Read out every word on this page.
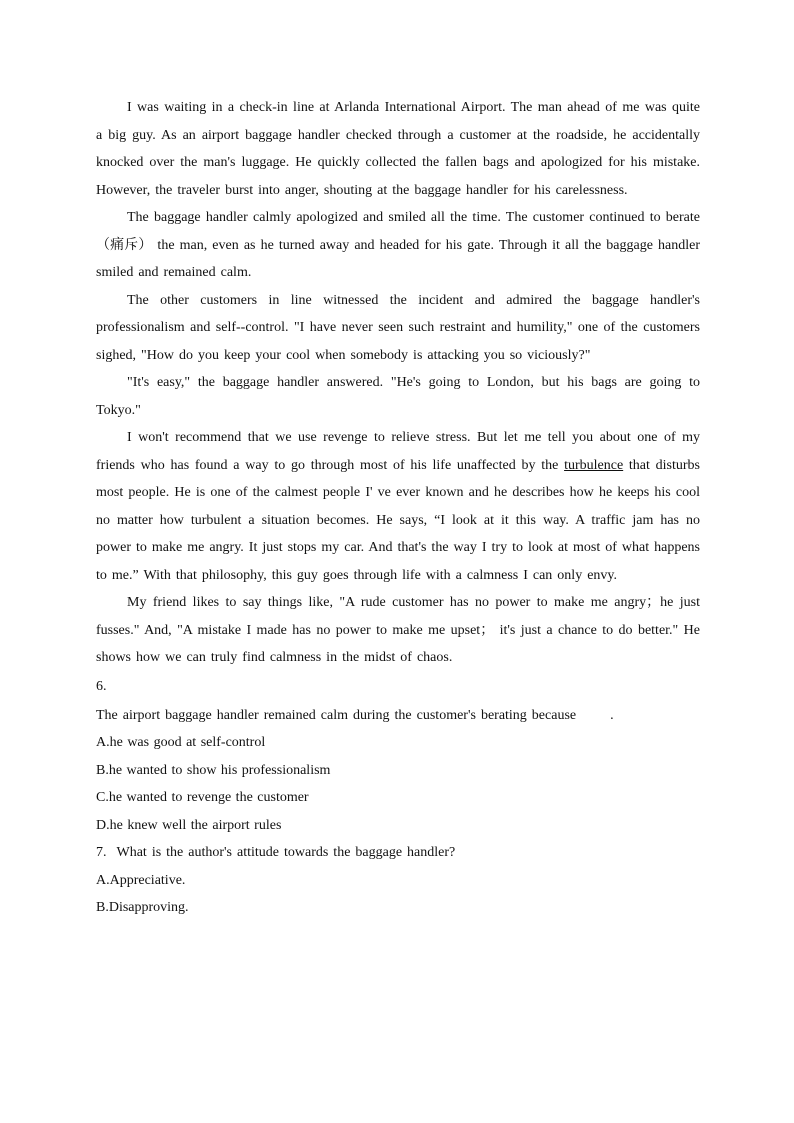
I was waiting in a check-in line at Arlanda International Airport. The man ahead of me was quite a big guy. As an airport baggage handler checked through a customer at the roadside, he accidentally knocked over the man's luggage. He quickly collected the fallen bags and apologized for his mistake. However, the traveler burst into anger, shouting at the baggage handler for his carelessness.

The baggage handler calmly apologized and smiled all the time. The customer continued to berate（痛斥） the man, even as he turned away and headed for his gate. Through it all the baggage handler smiled and remained calm.

The other customers in line witnessed the incident and admired the baggage handler's professionalism and self--control. "I have never seen such restraint and humility," one of the customers sighed, "How do you keep your cool when somebody is attacking you so viciously?"

"It's easy," the baggage handler answered. "He's going to London, but his bags are going to Tokyo."

I won't recommend that we use revenge to relieve stress. But let me tell you about one of my friends who has found a way to go through most of his life unaffected by the turbulence that disturbs most people. He is one of the calmest people I' ve ever known and he describes how he keeps his cool no matter how turbulent a situation becomes. He says, “I look at it this way. A traffic jam has no power to make me angry. It just stops my car. And that's the way I try to look at most of what happens to me.” With that philosophy, this guy goes through life with a calmness I can only envy.

My friend likes to say things like, "A rude customer has no power to make me angry；he just fusses." And, "A mistake I made has no power to make me upset； it's just a chance to do better." He shows how we can truly find calmness in the midst of chaos.

6.

The airport baggage handler remained calm during the customer's berating because .

A.he was good at self-control

B.he wanted to show his professionalism

C.he wanted to revenge the customer

D.he knew well the airport rules

7. What is the author's attitude towards the baggage handler?

A.Appreciative.

B.Disapproving.
